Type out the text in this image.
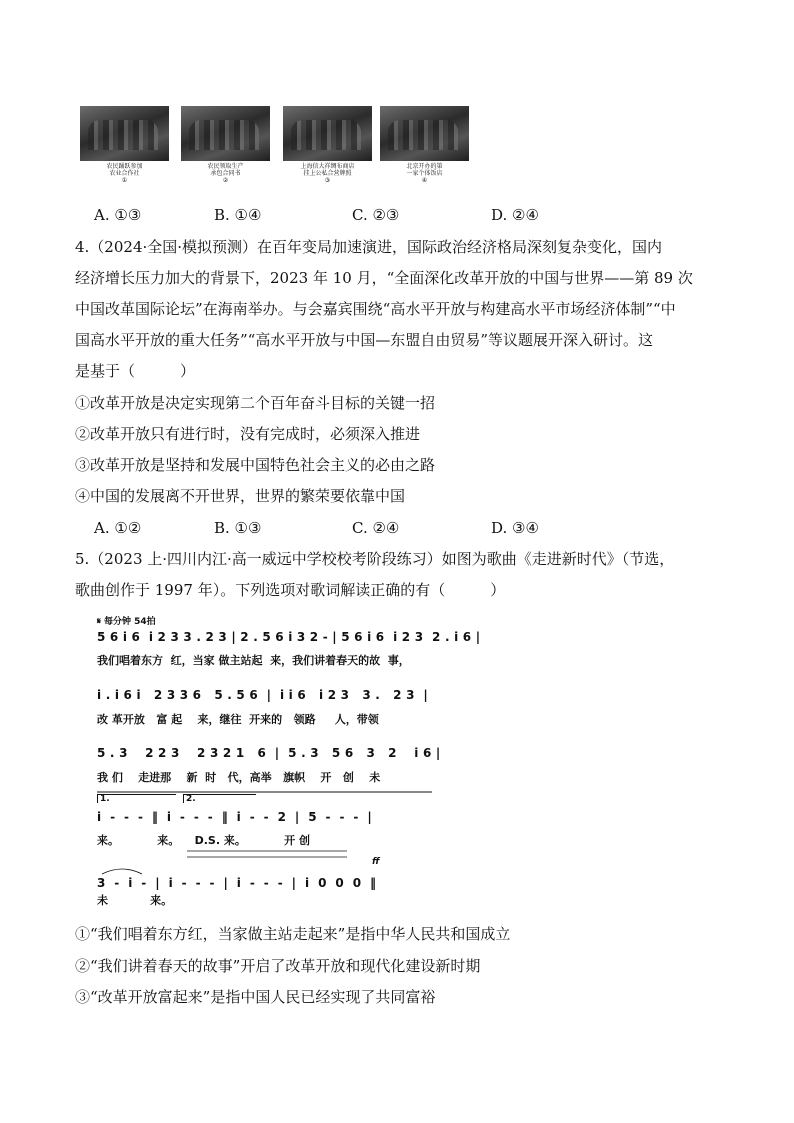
农民踊跃参加
农业合作社
①
农民领取生产
承包合同书
②
上海信大祥绸布商店
挂上公私合营牌照
③
北京开办的第
一家个体饭店
④
A. ①③	B. ①④	C. ②③	D. ②④
4.（2024·全国·模拟预测）在百年变局加速演进，国际政治经济格局深刻复杂变化，国内
经济增长压力加大的背景下，2023 年 10 月，“全面深化改革开放的中国与世界——第 89 次
中国改革国际论坛”在海南举办。与会嘉宾围绕“高水平开放与构建高水平市场经济体制”“中
国高水平开放的重大任务”“高水平开放与中国—东盟自由贸易”等议题展开深入研讨。这
是基于（　　　）
①改革开放是决定实现第二个百年奋斗目标的关键一招
②改革开放只有进行时，没有完成时，必须深入推进
③改革开放是坚持和发展中国特色社会主义的必由之路
④中国的发展离不开世界，世界的繁荣要依靠中国
A. ①②	B. ①③	C. ②④	D. ③④
5.（2023 上·四川内江·高一威远中学校校考阶段练习）如图为歌曲《走进新时代》（节选，
歌曲创作于 1997 年）。下列选项对歌词解读正确的有（　　　）
𝄋 每分钟 54拍
5 6 i 6  i 2 3 3 . 2 3 | 2 . 5 6 i 3 2 - | 5 6 i 6  i 2 3  2 . i 6 |
我们唱着东方  红，当家 做主站起  来，我们讲着春天的故  事，
i . i 6 i   2 3 3 6   5 . 5 6  |  i i 6   i 2 3   3 .   2 3  |
改 革开放   富 起    来，继往  开来的   领路     人，带领
5 . 3    2 2 3    2 3 2 1   6  |  5 . 3   5 6   3   2    i 6 |
我 们    走进那    新  时   代，高举   旗帜    开   创    未
1.	2.
i  -  -  -  ‖  i  -  -  -  ‖  i  -  -  2  |  5  -  -  -  |
来。          来。    D.S. 来。          开 创
ff
3  -  i  -  |  i  -  -  -  |  i  -  -  -  |  i  0  0  0  ‖
未           来。
①“我们唱着东方红，当家做主站走起来”是指中华人民共和国成立
②“我们讲着春天的故事”开启了改革开放和现代化建设新时期
③“改革开放富起来”是指中国人民已经实现了共同富裕
